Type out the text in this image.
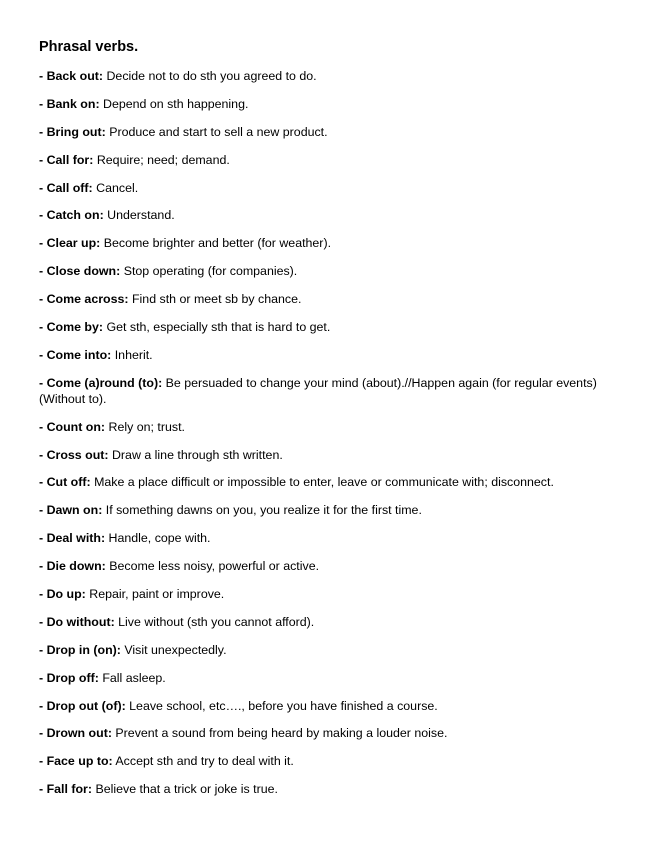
Phrasal verbs.
- Back out: Decide not to do sth you agreed to do.
- Bank on: Depend on sth happening.
- Bring out: Produce and start to sell a new product.
- Call for: Require; need; demand.
- Call off: Cancel.
- Catch on: Understand.
- Clear up: Become brighter and better (for weather).
- Close down: Stop operating (for companies).
- Come across: Find sth or meet sb by chance.
- Come by: Get sth, especially sth that is hard to get.
- Come into: Inherit.
- Come (a)round (to): Be persuaded to change your mind (about).//Happen again (for regular events) (Without to).
- Count on: Rely on; trust.
- Cross out: Draw a line through sth written.
- Cut off: Make a place difficult or impossible to enter, leave or communicate with; disconnect.
- Dawn on: If something dawns on you, you realize it for the first time.
- Deal with: Handle, cope with.
- Die down: Become less noisy, powerful or active.
- Do up: Repair, paint or improve.
- Do without: Live without (sth you cannot afford).
- Drop in (on): Visit unexpectedly.
- Drop off: Fall asleep.
- Drop out (of): Leave school, etc…., before you have finished a course.
- Drown out: Prevent a sound from being heard by making a louder noise.
- Face up to: Accept sth and try to deal with it.
- Fall for: Believe that a trick or joke is true.
